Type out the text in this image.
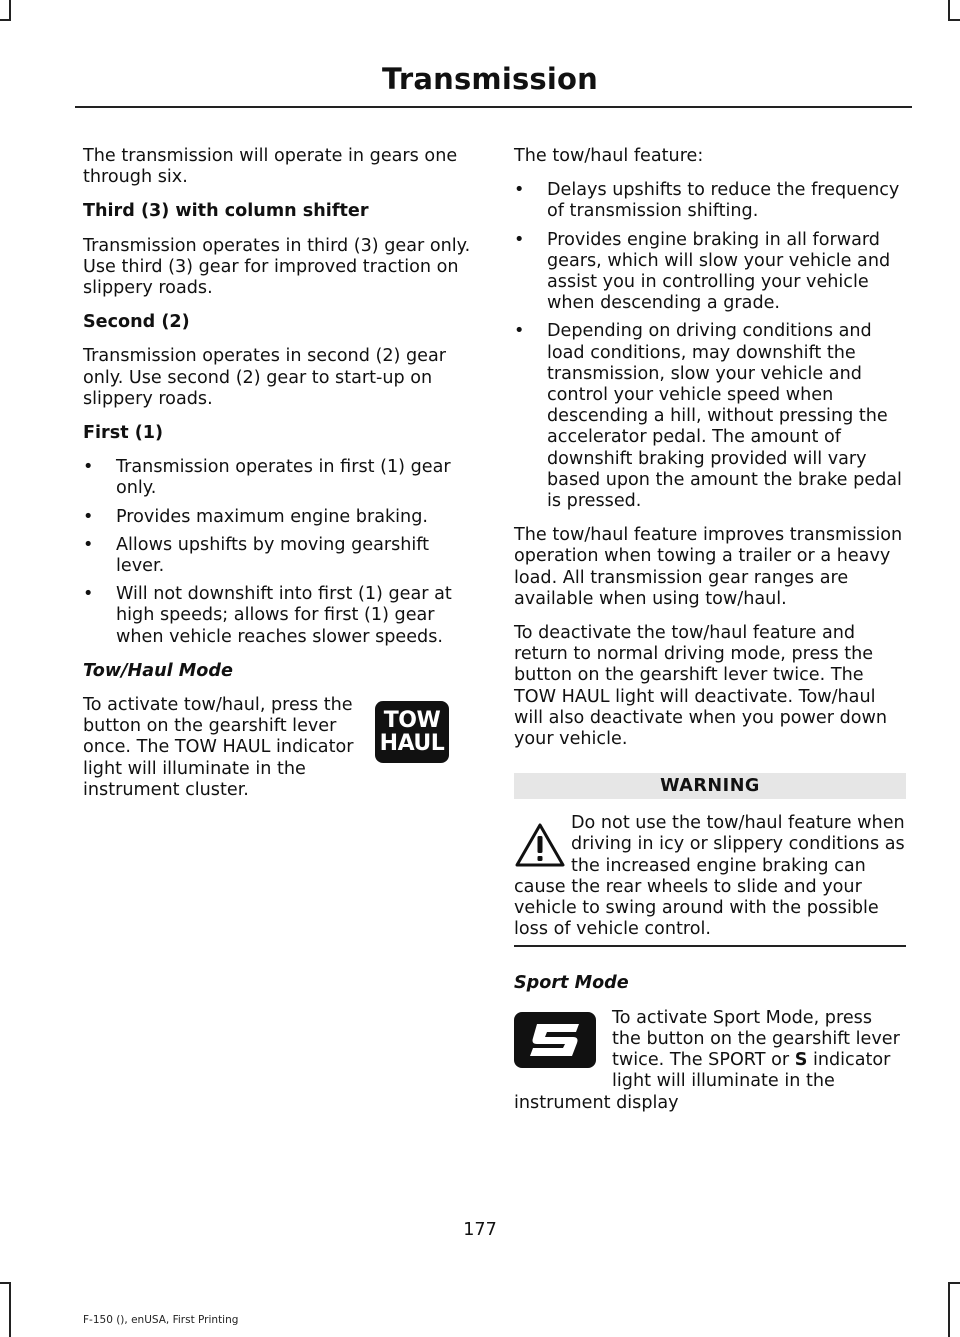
Transmission

The transmission will operate in gears one through six.

Third (3) with column shifter

Transmission operates in third (3) gear only. Use third (3) gear for improved traction on slippery roads.

Second (2)

Transmission operates in second (2) gear only. Use second (2) gear to start-up on slippery roads.

First (1)
• Transmission operates in first (1) gear only.
• Provides maximum engine braking.
• Allows upshifts by moving gearshift lever.
• Will not downshift into first (1) gear at high speeds; allows for first (1) gear when vehicle reaches slower speeds.
Tow/Haul Mode
TOW
HAUL

To activate tow/haul, press the button on the gearshift lever once. The TOW HAUL indicator light will illuminate in the instrument cluster.

The tow/haul feature:

• Delays upshifts to reduce the frequency of transmission shifting.
• Provides engine braking in all forward gears, which will slow your vehicle and assist you in controlling your vehicle when descending a grade.
• Depending on driving conditions and load conditions, may downshift the transmission, slow your vehicle and control your vehicle speed when descending a hill, without pressing the accelerator pedal. The amount of downshift braking provided will vary based upon the amount the brake pedal is pressed.

The tow/haul feature improves transmission operation when towing a trailer or a heavy load. All transmission gear ranges are available when using tow/haul.

To deactivate the tow/haul feature and return to normal driving mode, press the button on the gearshift lever twice. The TOW HAUL light will deactivate. Tow/haul will also deactivate when you power down your vehicle.

WARNING

Do not use the tow/haul feature when driving in icy or slippery conditions as the increased engine braking can cause the rear wheels to slide and your vehicle to swing around with the possible loss of vehicle control.

Sport Mode

To activate Sport Mode, press the button on the gearshift lever twice. The SPORT or S indicator light will illuminate in the instrument display

177
F-150 (), enUSA, First Printing
